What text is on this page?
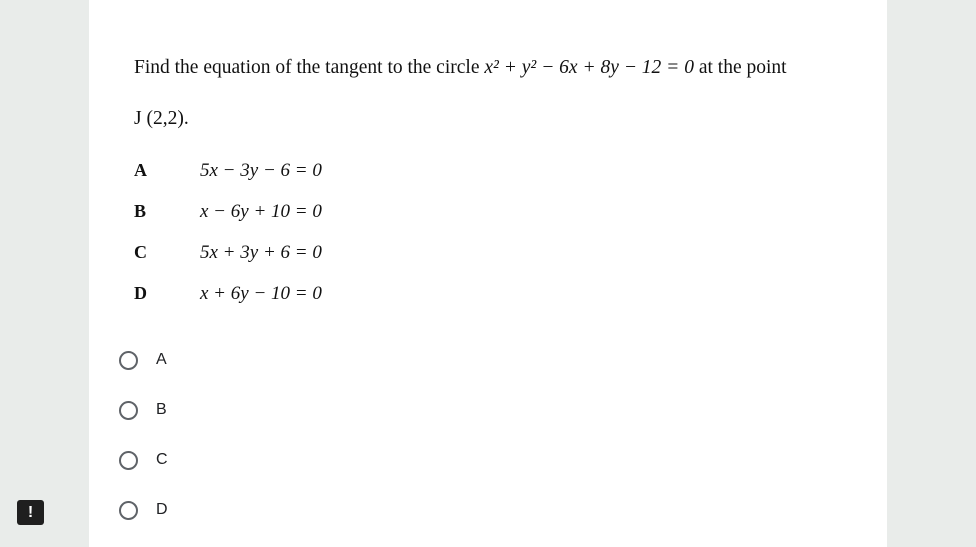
Find the equation of the tangent to the circle x² + y² − 6x + 8y − 12 = 0 at the point
J (2,2).
A	5x − 3y − 6 = 0
B	x − 6y + 10 = 0
C	5x + 3y + 6 = 0
D	x + 6y − 10 = 0
A
B
C
D
!
